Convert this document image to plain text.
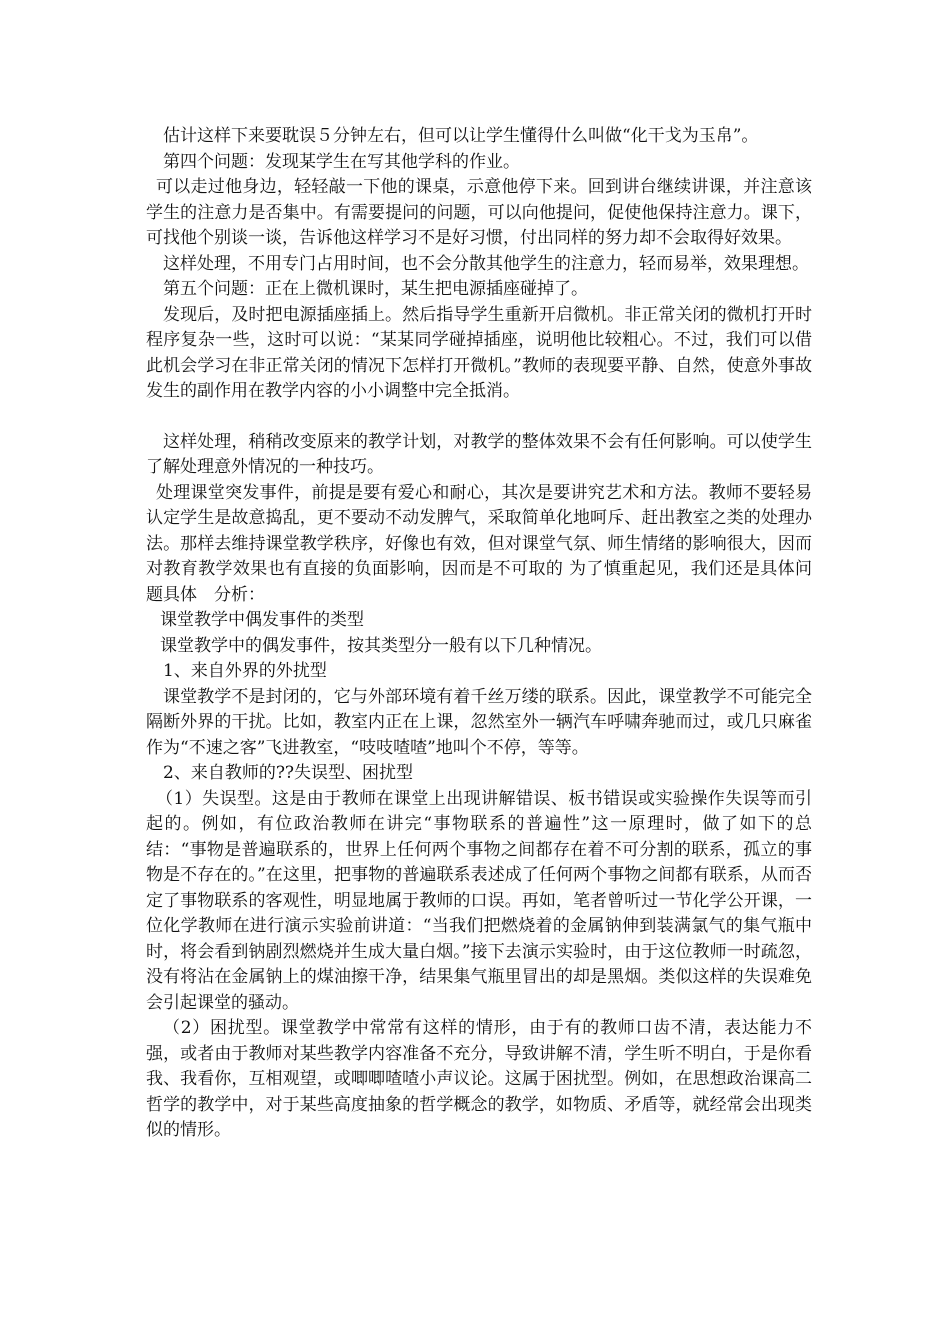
估计这样下来要耽误５分钟左右，但可以让学生懂得什么叫做“化干戈为玉帛”。

第四个问题：发现某学生在写其他学科的作业。

可以走过他身边，轻轻敲一下他的课桌，示意他停下来。回到讲台继续讲课，并注意该学生的注意力是否集中。有需要提问的问题，可以向他提问，促使他保持注意力。课下，可找他个别谈一谈，告诉他这样学习不是好习惯，付出同样的努力却不会取得好效果。

这样处理，不用专门占用时间，也不会分散其他学生的注意力，轻而易举，效果理想。

第五个问题：正在上微机课时，某生把电源插座碰掉了。

发现后，及时把电源插座插上。然后指导学生重新开启微机。非正常关闭的微机打开时程序复杂一些，这时可以说：“某某同学碰掉插座，说明他比较粗心。不过，我们可以借此机会学习在非正常关闭的情况下怎样打开微机。”教师的表现要平静、自然，使意外事故发生的副作用在教学内容的小小调整中完全抵消。

这样处理，稍稍改变原来的教学计划，对教学的整体效果不会有任何影响。可以使学生了解处理意外情况的一种技巧。

处理课堂突发事件，前提是要有爱心和耐心，其次是要讲究艺术和方法。教师不要轻易认定学生是故意捣乱，更不要动不动发脾气，采取简单化地呵斥、赶出教室之类的处理办法。那样去维持课堂教学秩序，好像也有效，但对课堂气氛、师生情绪的影响很大，因而对教育教学效果也有直接的负面影响，因而是不可取的 为了慎重起见，我们还是具体问题具体　分析：

课堂教学中偶发事件的类型

课堂教学中的偶发事件，按其类型分一般有以下几种情况。

1、来自外界的外扰型

课堂教学不是封闭的，它与外部环境有着千丝万缕的联系。因此，课堂教学不可能完全隔断外界的干扰。比如，教室内正在上课，忽然室外一辆汽车呼啸奔驰而过，或几只麻雀作为“不速之客”飞进教室，“吱吱喳喳”地叫个不停，等等。

2、来自教师的??失误型、困扰型

（1）失误型。这是由于教师在课堂上出现讲解错误、板书错误或实验操作失误等而引起的。例如，有位政治教师在讲完“事物联系的普遍性”这一原理时，做了如下的总结：“事物是普遍联系的，世界上任何两个事物之间都存在着不可分割的联系，孤立的事物是不存在的。”在这里，把事物的普遍联系表述成了任何两个事物之间都有联系，从而否定了事物联系的客观性，明显地属于教师的口误。再如，笔者曾听过一节化学公开课，一位化学教师在进行演示实验前讲道：“当我们把燃烧着的金属钠伸到装满氯气的集气瓶中时，将会看到钠剧烈燃烧并生成大量白烟。”接下去演示实验时，由于这位教师一时疏忽，没有将沾在金属钠上的煤油擦干净，结果集气瓶里冒出的却是黑烟。类似这样的失误难免会引起课堂的骚动。

（2）困扰型。课堂教学中常常有这样的情形，由于有的教师口齿不清，表达能力不强，或者由于教师对某些教学内容准备不充分，导致讲解不清，学生听不明白，于是你看我、我看你，互相观望，或唧唧喳喳小声议论。这属于困扰型。例如，在思想政治课高二哲学的教学中，对于某些高度抽象的哲学概念的教学，如物质、矛盾等，就经常会出现类似的情形。
